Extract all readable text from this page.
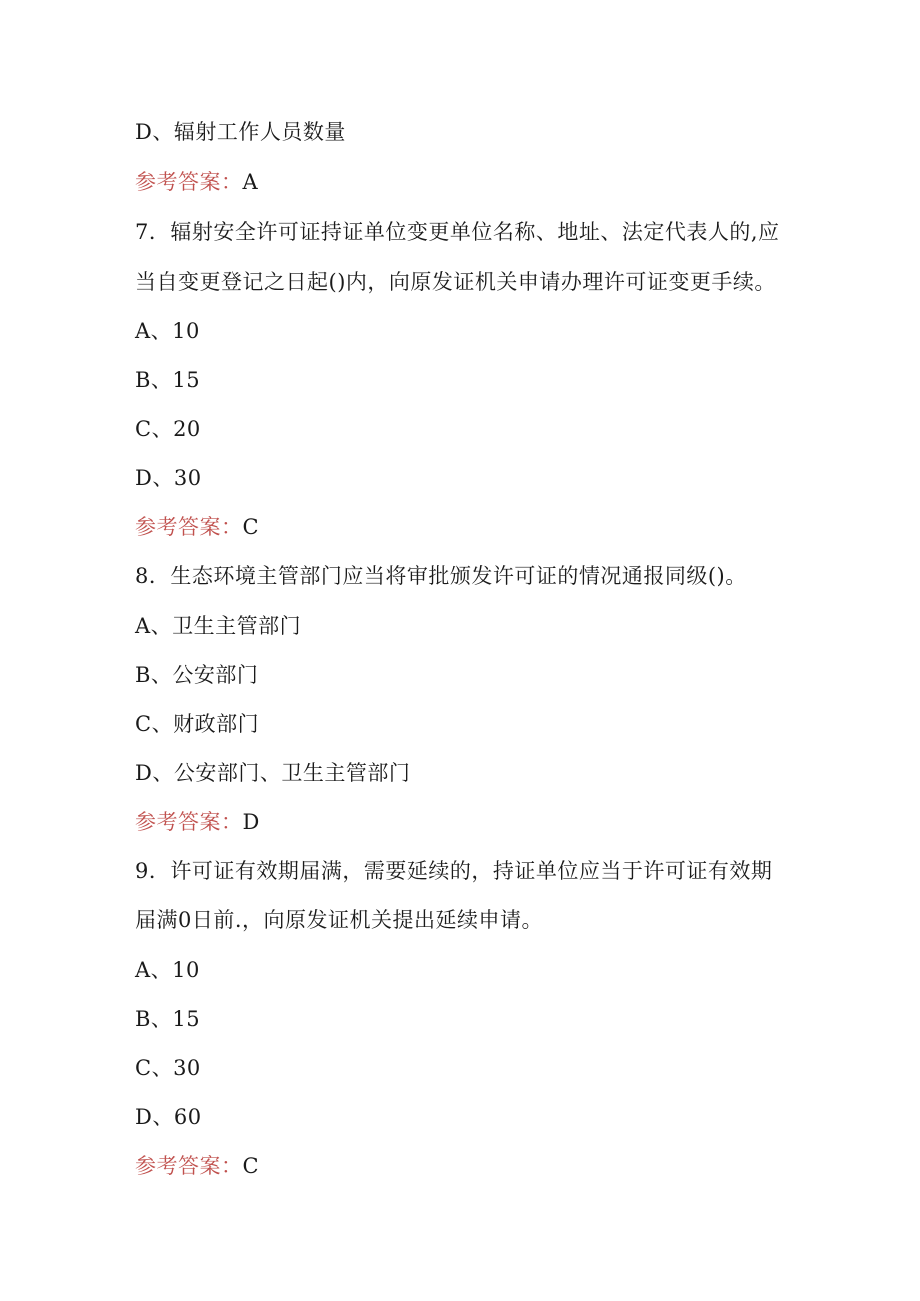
D、辐射工作人员数量

参考答案：A

7．辐射安全许可证持证单位变更单位名称、地址、法定代表人的,应

当自变更登记之日起()内，向原发证机关申请办理许可证变更手续。

A、10

B、15

C、20

D、30

参考答案：C

8．生态环境主管部门应当将审批颁发许可证的情况通报同级()。

A、卫生主管部门

B、公安部门

C、财政部门

D、公安部门、卫生主管部门

参考答案：D

9．许可证有效期届满，需要延续的，持证单位应当于许可证有效期

届满0日前.，向原发证机关提出延续申请。

A、10

B、15

C、30

D、60

参考答案：C
